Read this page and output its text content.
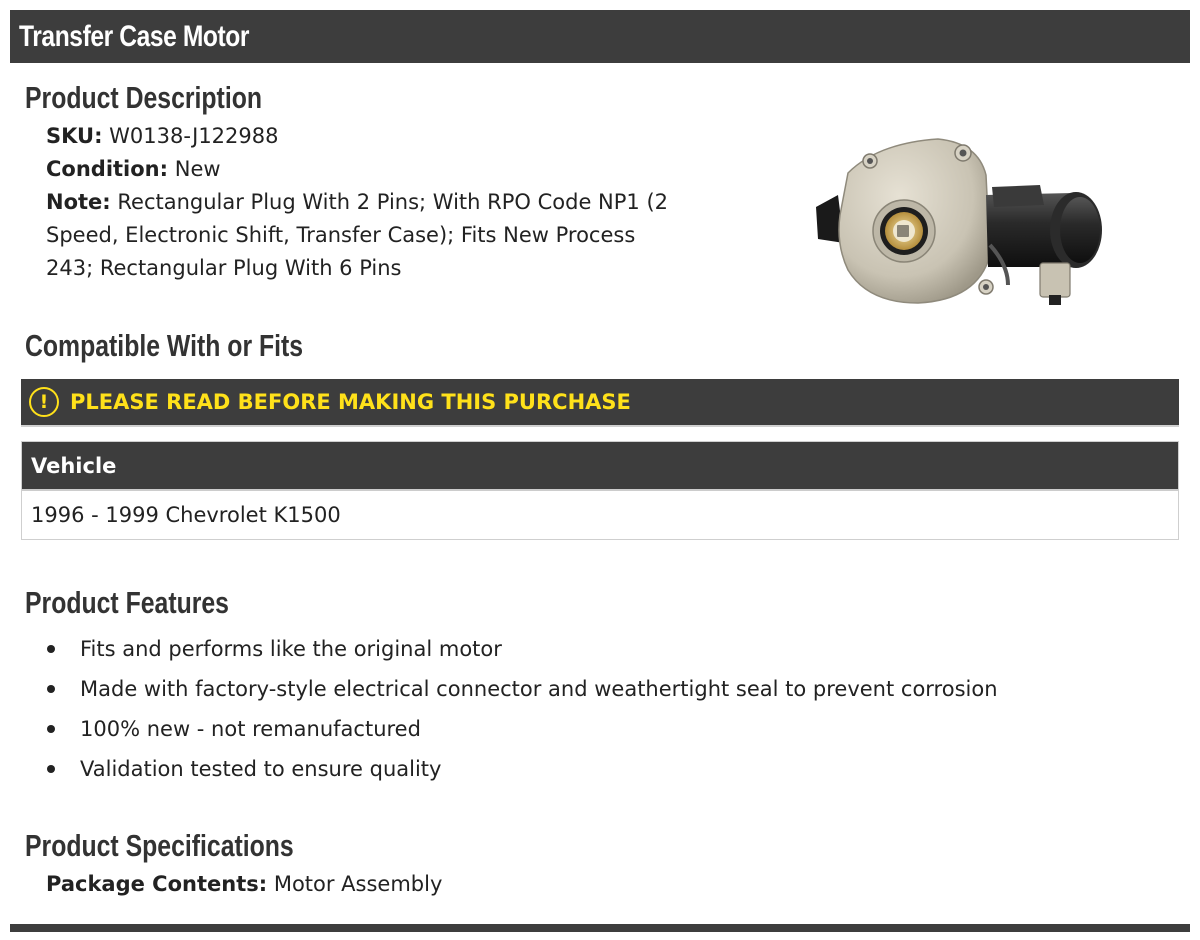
Transfer Case Motor
Product Description
SKU: W0138-J122988
Condition: New
Note: Rectangular Plug With 2 Pins; With RPO Code NP1 (2
Speed, Electronic Shift, Transfer Case); Fits New Process
243; Rectangular Plug With 6 Pins
Compatible With or Fits
!	PLEASE READ BEFORE MAKING THIS PURCHASE
Vehicle
1996 - 1999 Chevrolet K1500
Product Features
Fits and performs like the original motor
Made with factory-style electrical connector and weathertight seal to prevent corrosion
100% new - not remanufactured
Validation tested to ensure quality
Product Specifications
Package Contents: Motor Assembly
